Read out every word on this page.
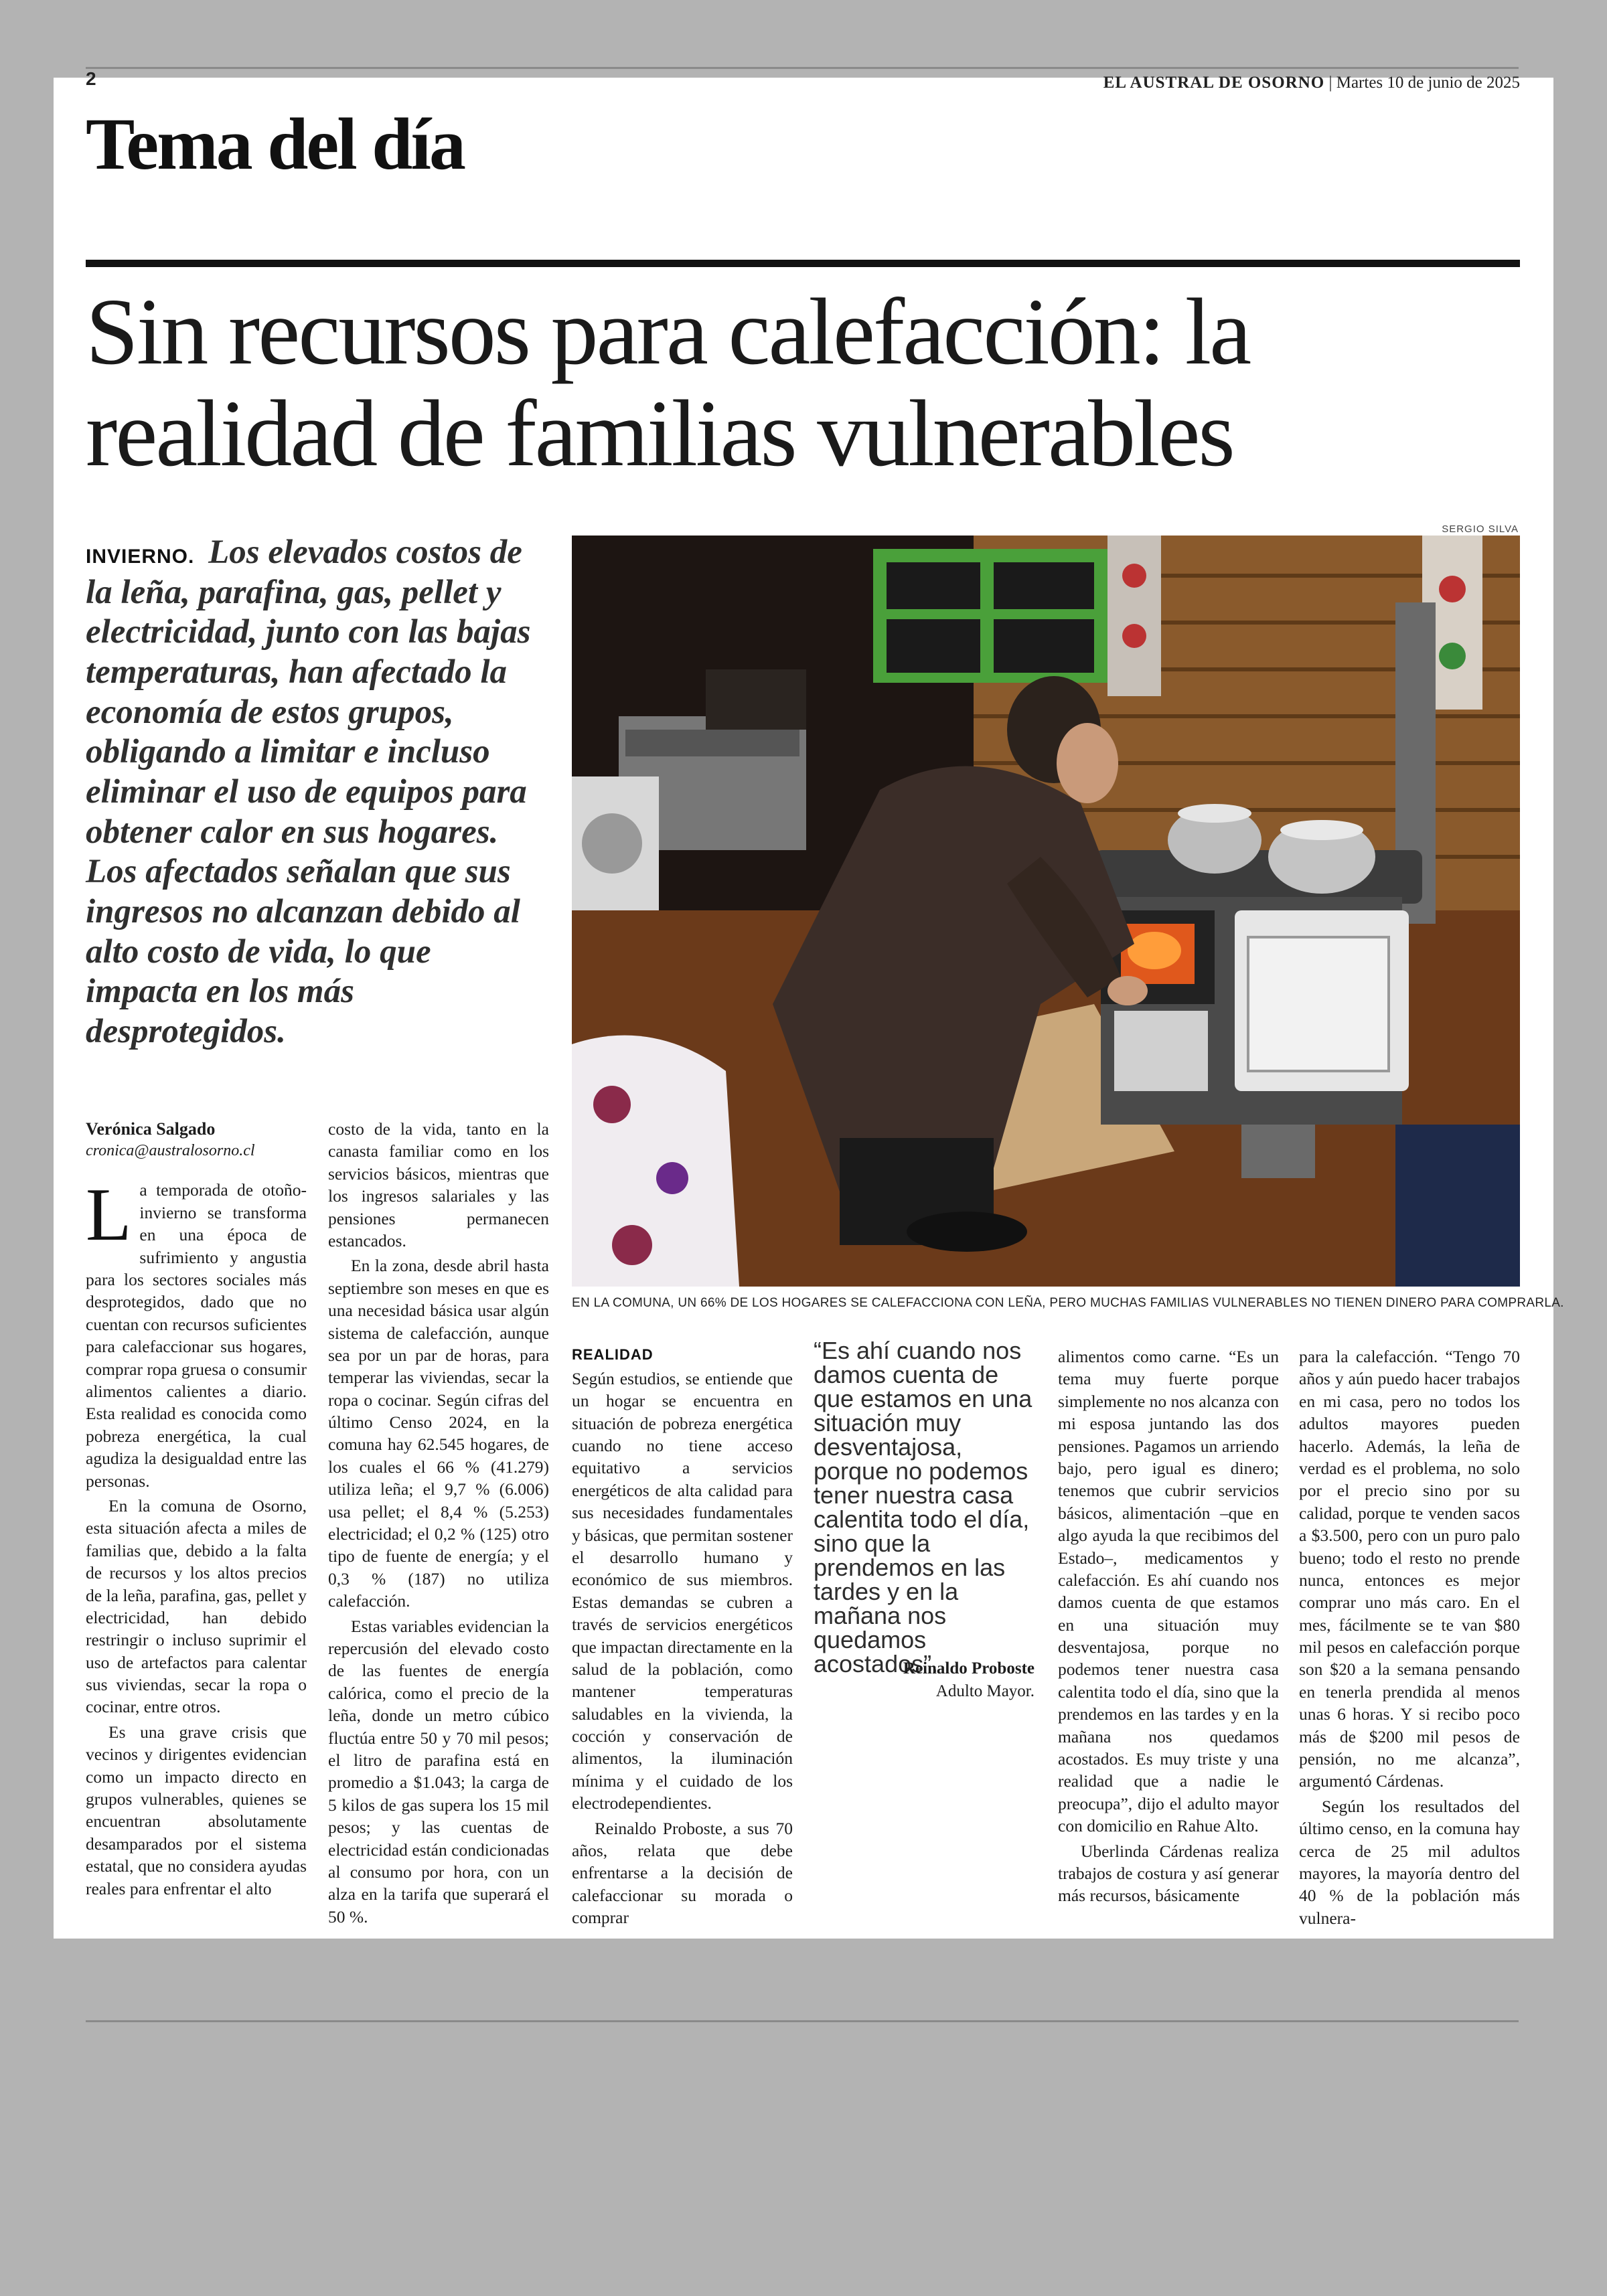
2	EL AUSTRAL DE OSORNO | Martes 10 de junio de 2025
Tema del día
Sin recursos para calefacción: la realidad de familias vulnerables
INVIERNO. Los elevados costos de la leña, parafina, gas, pellet y electricidad, junto con las bajas temperaturas, han afectado la economía de estos grupos, obligando a limitar e incluso eliminar el uso de equipos para obtener calor en sus hogares. Los afectados señalan que sus ingresos no alcanzan debido al alto costo de vida, lo que impacta en los más desprotegidos.
SERGIO SILVA
EN LA COMUNA, UN 66% DE LOS HOGARES SE CALEFACCIONA CON LEÑA, PERO MUCHAS FAMILIAS VULNERABLES NO TIENEN DINERO PARA COMPRARLA.
Verónica Salgado
cronica@australosorno.cl

La temporada de otoño-invierno se transforma en una época de sufrimiento y angustia para los sectores sociales más desprotegidos, dado que no cuentan con recursos suficientes para calefaccionar sus hogares, comprar ropa gruesa o consumir alimentos calientes a diario. Esta realidad es conocida como pobreza energética, la cual agudiza la desigualdad entre las personas.

En la comuna de Osorno, esta situación afecta a miles de familias que, debido a la falta de recursos y los altos precios de la leña, parafina, gas, pellet y electricidad, han debido restringir o incluso suprimir el uso de artefactos para calentar sus viviendas, secar la ropa o cocinar, entre otros.

Es una grave crisis que vecinos y dirigentes evidencian como un impacto directo en grupos vulnerables, quienes se encuentran absolutamente desamparados por el sistema estatal, que no considera ayudas reales para enfrentar el alto

costo de la vida, tanto en la canasta familiar como en los servicios básicos, mientras que los ingresos salariales y las pensiones permanecen estancados.

En la zona, desde abril hasta septiembre son meses en que es una necesidad básica usar algún sistema de calefacción, aunque sea por un par de horas, para temperar las viviendas, secar la ropa o cocinar. Según cifras del último Censo 2024, en la comuna hay 62.545 hogares, de los cuales el 66 % (41.279) utiliza leña; el 9,7 % (6.006) usa pellet; el 8,4 % (5.253) electricidad; el 0,2 % (125) otro tipo de fuente de energía; y el 0,3 % (187) no utiliza calefacción.

Estas variables evidencian la repercusión del elevado costo de las fuentes de energía calórica, como el precio de la leña, donde un metro cúbico fluctúa entre 50 y 70 mil pesos; el litro de parafina está en promedio a $1.043; la carga de 5 kilos de gas supera los 15 mil pesos; y las cuentas de electricidad están condicionadas al consumo por hora, con un alza en la tarifa que superará el 50 %.

REALIDAD

Según estudios, se entiende que un hogar se encuentra en situación de pobreza energética cuando no tiene acceso equitativo a servicios energéticos de alta calidad para sus necesidades fundamentales y básicas, que permitan sostener el desarrollo humano y económico de sus miembros. Estas demandas se cubren a través de servicios energéticos que impactan directamente en la salud de la población, como mantener temperaturas saludables en la vivienda, la cocción y conservación de alimentos, la iluminación mínima y el cuidado de los electrodependientes.

Reinaldo Proboste, a sus 70 años, relata que debe enfrentarse a la decisión de calefaccionar su morada o comprar

“Es ahí cuando nos damos cuenta de que estamos en una situación muy desventajosa, porque no podemos tener nuestra casa calentita todo el día, sino que la prendemos en las tardes y en la mañana nos quedamos acostados”.
Reinaldo Proboste
Adulto Mayor.

alimentos como carne. “Es un tema muy fuerte porque simplemente no nos alcanza con mi esposa juntando las dos pensiones. Pagamos un arriendo bajo, pero igual es dinero; tenemos que cubrir servicios básicos, alimentación –que en algo ayuda la que recibimos del Estado–, medicamentos y calefacción. Es ahí cuando nos damos cuenta de que estamos en una situación muy desventajosa, porque no podemos tener nuestra casa calentita todo el día, sino que la prendemos en las tardes y en la mañana nos quedamos acostados. Es muy triste y una realidad que a nadie le preocupa”, dijo el adulto mayor con domicilio en Rahue Alto.

Uberlinda Cárdenas realiza trabajos de costura y así generar más recursos, básicamente

para la calefacción. “Tengo 70 años y aún puedo hacer trabajos en mi casa, pero no todos los adultos mayores pueden hacerlo. Además, la leña de verdad es el problema, no solo por el precio sino por su calidad, porque te venden sacos a $3.500, pero con un puro palo bueno; todo el resto no prende nunca, entonces es mejor comprar uno más caro. En el mes, fácilmente se te van $80 mil pesos en calefacción porque son $20 a la semana pensando en tenerla prendida al menos unas 6 horas. Y si recibo poco más de $200 mil pesos de pensión, no me alcanza”, argumentó Cárdenas.

Según los resultados del último censo, en la comuna hay cerca de 25 mil adultos mayores, la mayoría dentro del 40 % de la población más vulnera-
